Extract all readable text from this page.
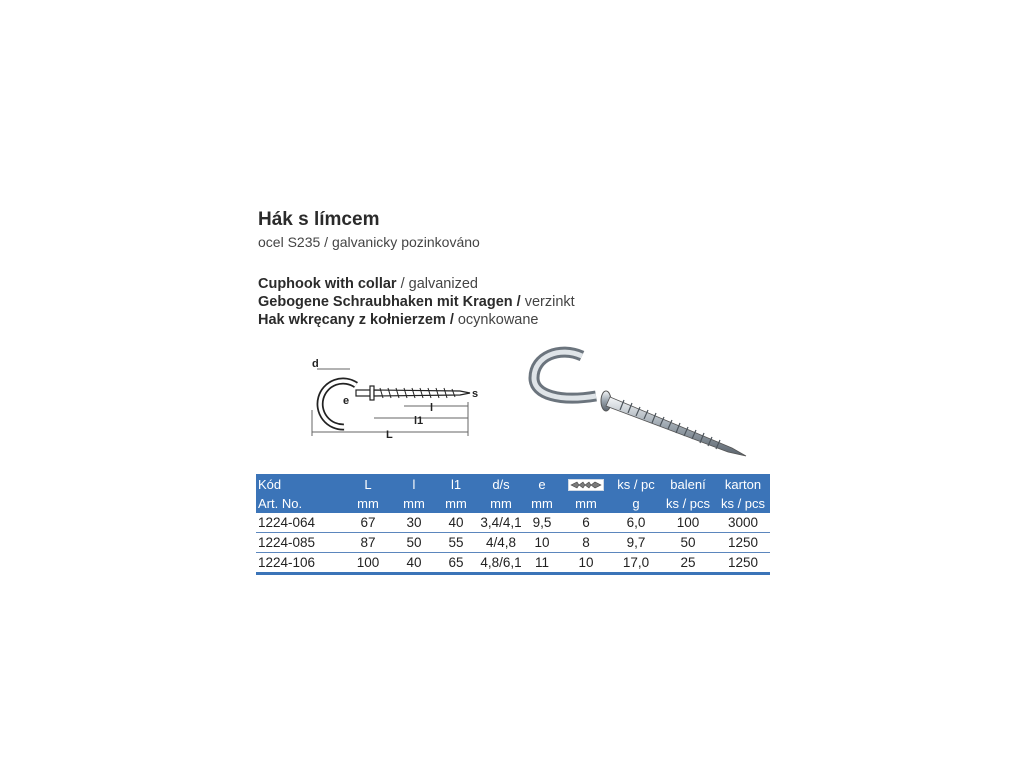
Hák s límcem
ocel S235 / galvanicky pozinkováno
Cuphook with collar / galvanized
Gebogene Schraubhaken mit Kragen / verzinkt
Hak wkręcany z kołnierzem / ocynkowane
d
e
s
l
l1
L
Kód	L	l	l1	d/s	e		ks / pc	balení	karton
Art. No.	mm	mm	mm	mm	mm	mm	g	ks / pcs	ks / pcs
1224-064	67	30	40	3,4/4,1	9,5	6	6,0	100	3000
1224-085	87	50	55	4/4,8	10	8	9,7	50	1250
1224-106	100	40	65	4,8/6,1	11	10	17,0	25	1250
